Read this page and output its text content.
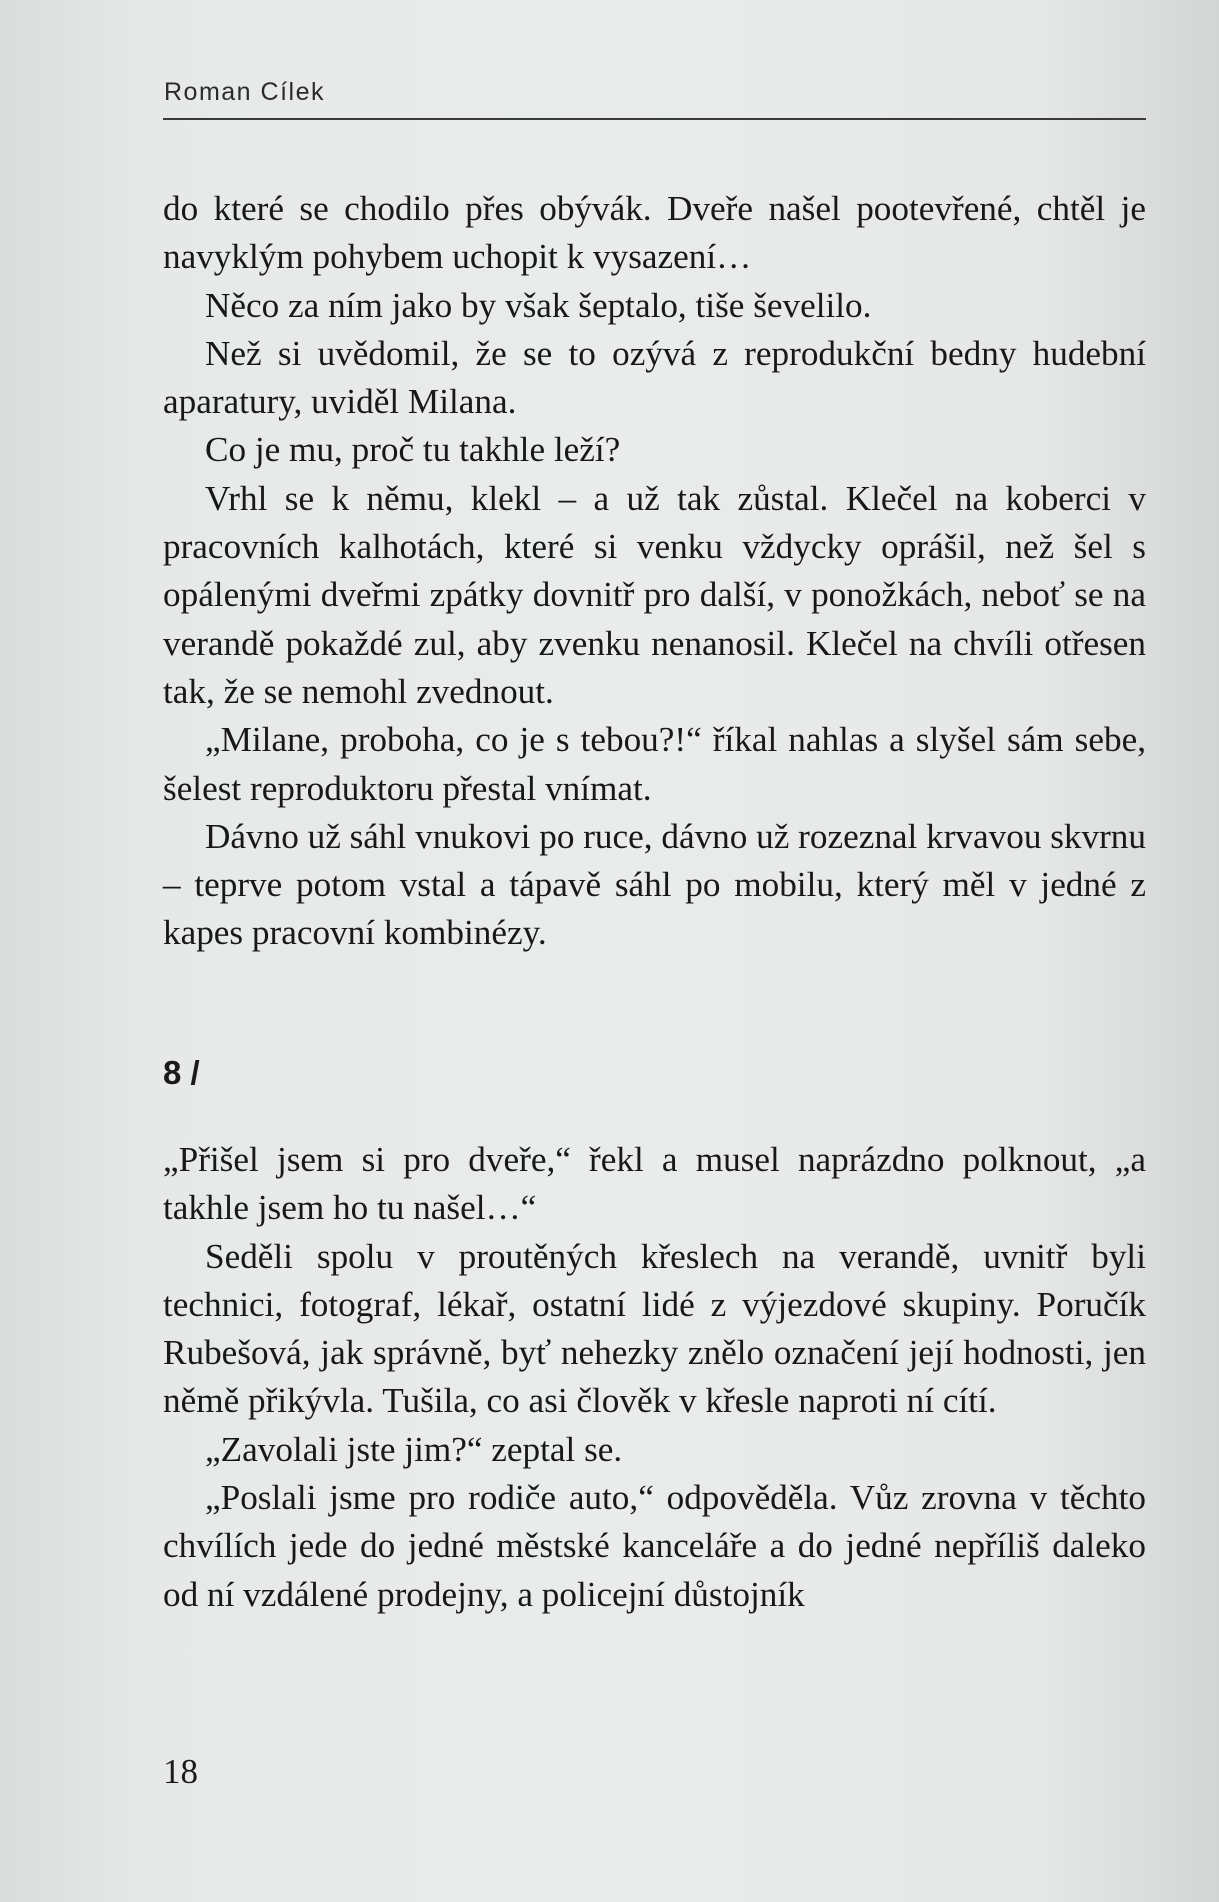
Roman Cílek

do které se chodilo přes obývák. Dveře našel pootevřené, chtěl je navyklým pohybem uchopit k vysazení…

Něco za ním jako by však šeptalo, tiše ševelilo.

Než si uvědomil, že se to ozývá z reprodukční bedny hudební aparatury, uviděl Milana.

Co je mu, proč tu takhle leží?

Vrhl se k němu, klekl – a už tak zůstal. Klečel na koberci v pracovních kalhotách, které si venku vždycky oprášil, než šel s opálenými dveřmi zpátky dovnitř pro další, v ponožkách, neboť se na verandě pokaždé zul, aby zvenku nenanosil. Klečel na chvíli otřesen tak, že se nemohl zvednout.

„Milane, proboha, co je s tebou?!“ říkal nahlas a slyšel sám sebe, šelest reproduktoru přestal vnímat.

Dávno už sáhl vnukovi po ruce, dávno už rozeznal krvavou skvrnu – teprve potom vstal a tápavě sáhl po mobilu, který měl v jedné z kapes pracovní kombinézy.

8 /

„Přišel jsem si pro dveře,“ řekl a musel naprázdno polknout, „a takhle jsem ho tu našel…“

Seděli spolu v proutěných křeslech na verandě, uvnitř byli technici, fotograf, lékař, ostatní lidé z výjezdové skupiny. Poručík Rubešová, jak správně, byť nehezky znělo označení její hodnosti, jen němě přikývla. Tušila, co asi člověk v křesle naproti ní cítí.

„Zavolali jste jim?“ zeptal se.

„Poslali jsme pro rodiče auto,“ odpověděla. Vůz zrovna v těchto chvílích jede do jedné městské kanceláře a do jedné nepříliš daleko od ní vzdálené prodejny, a policejní důstojník

18
